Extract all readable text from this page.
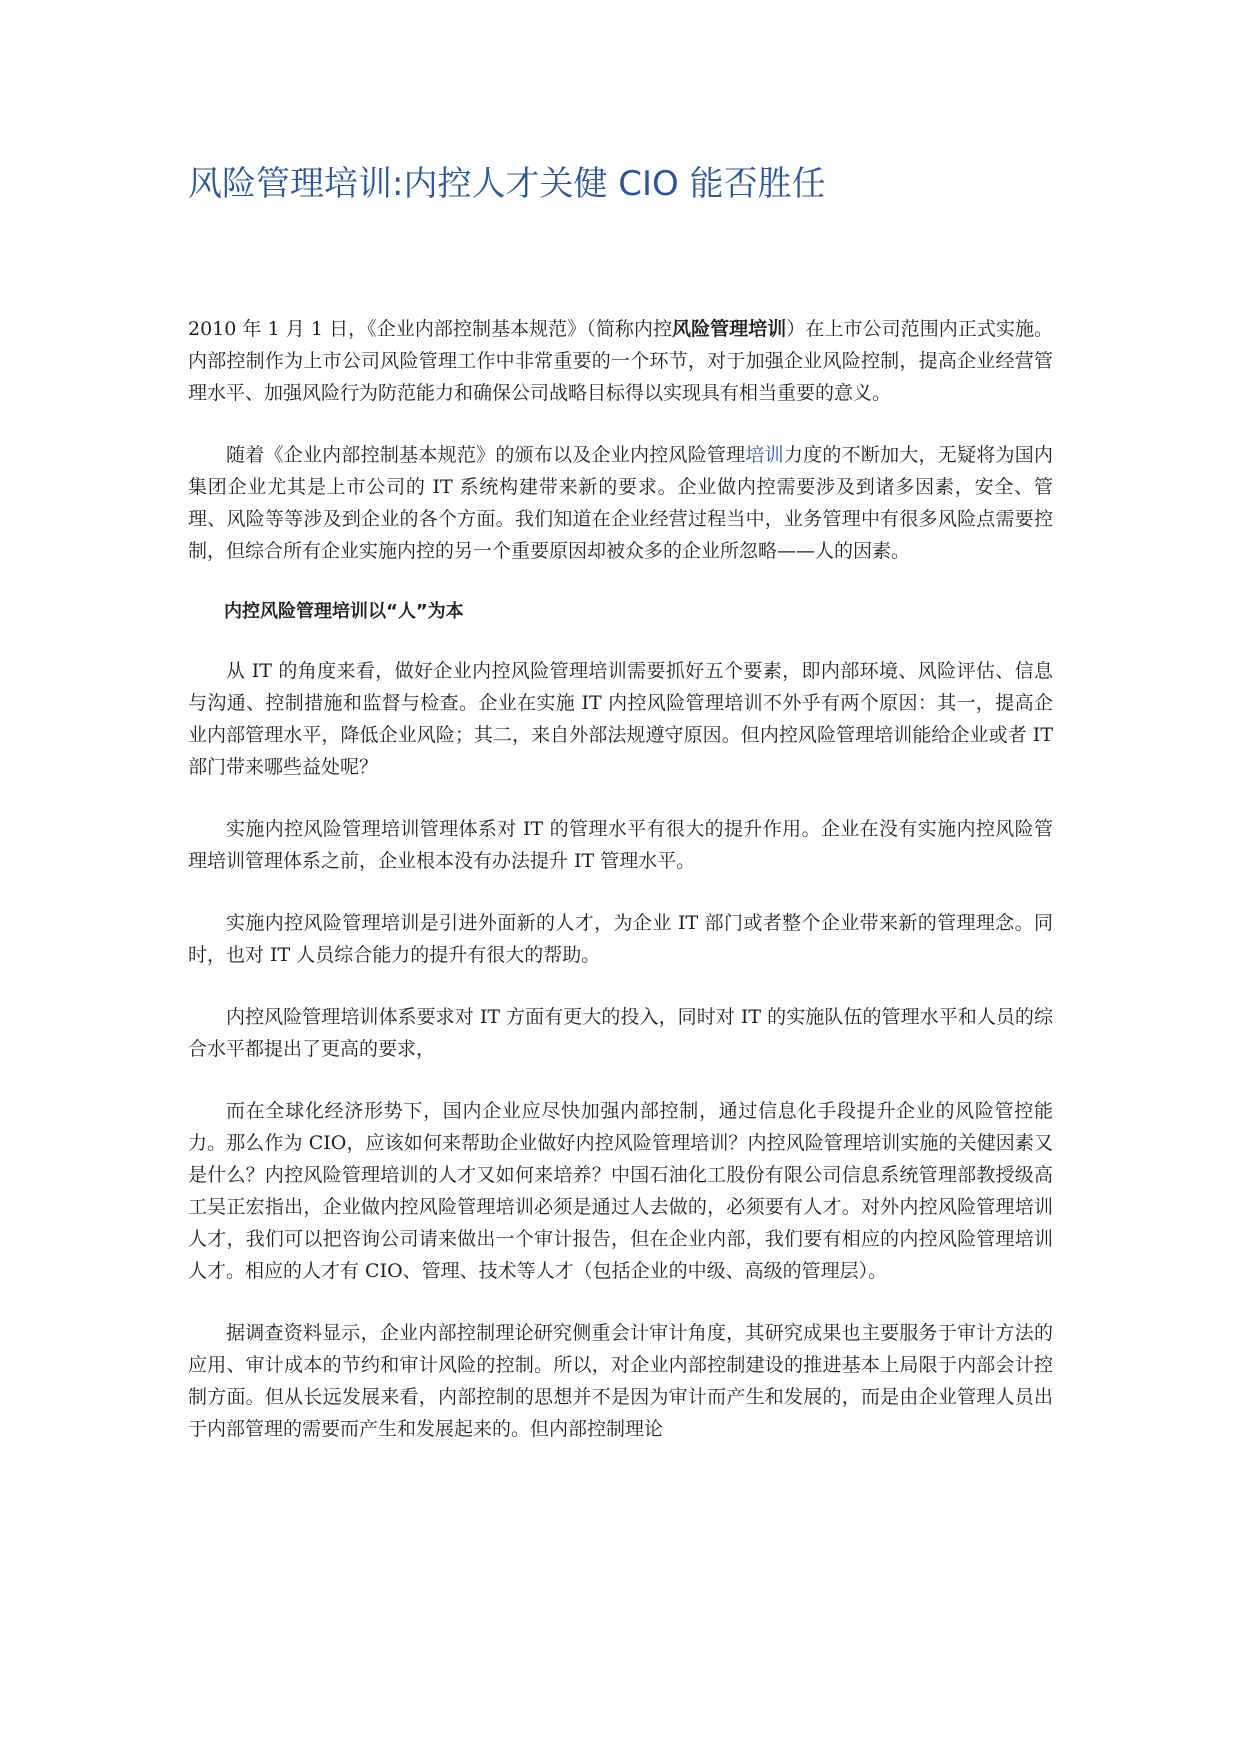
风险管理培训:内控人才关健 CIO 能否胜任

2010 年 1 月 1 日，《企业内部控制基本规范》（简称内控风险管理培训）在上市公司范围内正式实施。内部控制作为上市公司风险管理工作中非常重要的一个环节，对于加强企业风险控制，提高企业经营管理水平、加强风险行为防范能力和确保公司战略目标得以实现具有相当重要的意义。

随着《企业内部控制基本规范》的颁布以及企业内控风险管理培训力度的不断加大，无疑将为国内集团企业尤其是上市公司的 IT 系统构建带来新的要求。企业做内控需要涉及到诸多因素，安全、管理、风险等等涉及到企业的各个方面。我们知道在企业经营过程当中，业务管理中有很多风险点需要控制，但综合所有企业实施内控的另一个重要原因却被众多的企业所忽略——人的因素。

内控风险管理培训以“人”为本

从 IT 的角度来看，做好企业内控风险管理培训需要抓好五个要素，即内部环境、风险评估、信息与沟通、控制措施和监督与检查。企业在实施 IT 内控风险管理培训不外乎有两个原因：其一，提高企业内部管理水平，降低企业风险；其二，来自外部法规遵守原因。但内控风险管理培训能给企业或者 IT 部门带来哪些益处呢？

实施内控风险管理培训管理体系对 IT 的管理水平有很大的提升作用。企业在没有实施内控风险管理培训管理体系之前，企业根本没有办法提升 IT 管理水平。

实施内控风险管理培训是引进外面新的人才，为企业 IT 部门或者整个企业带来新的管理理念。同时，也对 IT 人员综合能力的提升有很大的帮助。

内控风险管理培训体系要求对 IT 方面有更大的投入，同时对 IT 的实施队伍的管理水平和人员的综合水平都提出了更高的要求，

而在全球化经济形势下，国内企业应尽快加强内部控制，通过信息化手段提升企业的风险管控能力。那么作为 CIO，应该如何来帮助企业做好内控风险管理培训？内控风险管理培训实施的关健因素又是什么？内控风险管理培训的人才又如何来培养？中国石油化工股份有限公司信息系统管理部教授级高工吴正宏指出，企业做内控风险管理培训必须是通过人去做的，必须要有人才。对外内控风险管理培训人才，我们可以把咨询公司请来做出一个审计报告，但在企业内部，我们要有相应的内控风险管理培训人才。相应的人才有 CIO、管理、技术等人才（包括企业的中级、高级的管理层）。

据调查资料显示，企业内部控制理论研究侧重会计审计角度，其研究成果也主要服务于审计方法的应用、审计成本的节约和审计风险的控制。所以，对企业内部控制建设的推进基本上局限于内部会计控制方面。但从长远发展来看，内部控制的思想并不是因为审计而产生和发展的，而是由企业管理人员出于内部管理的需要而产生和发展起来的。但内部控制理论
